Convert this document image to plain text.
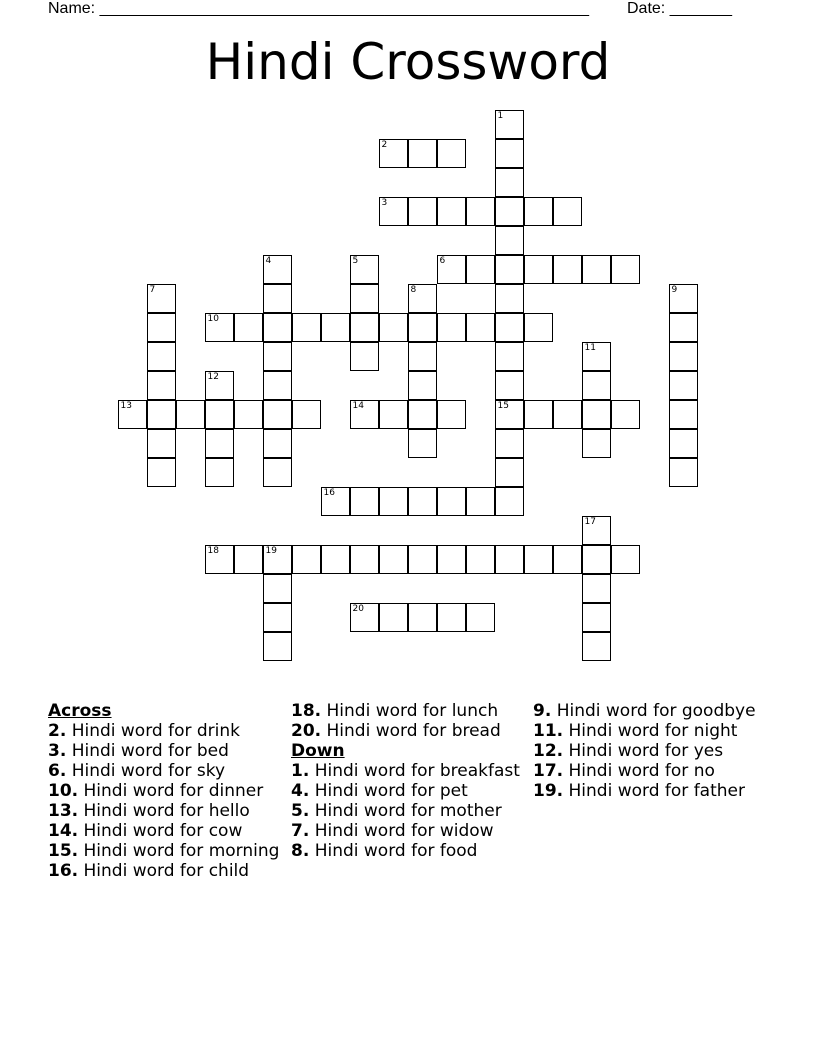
Name: _______________________________________________________ Date: _______
Hindi Crossword
1
15
2
3
4	5	6
7	8	9
10
11
12
13	14
16
17
18	19
20
Across
2. Hindi word for drink
3. Hindi word for bed
6. Hindi word for sky
10. Hindi word for dinner
13. Hindi word for hello
14. Hindi word for cow
15. Hindi word for morning
16. Hindi word for child
18. Hindi word for lunch
20. Hindi word for bread
Down
1. Hindi word for breakfast
4. Hindi word for pet
5. Hindi word for mother
7. Hindi word for widow
8. Hindi word for food
9. Hindi word for goodbye
11. Hindi word for night
12. Hindi word for yes
17. Hindi word for no
19. Hindi word for father
